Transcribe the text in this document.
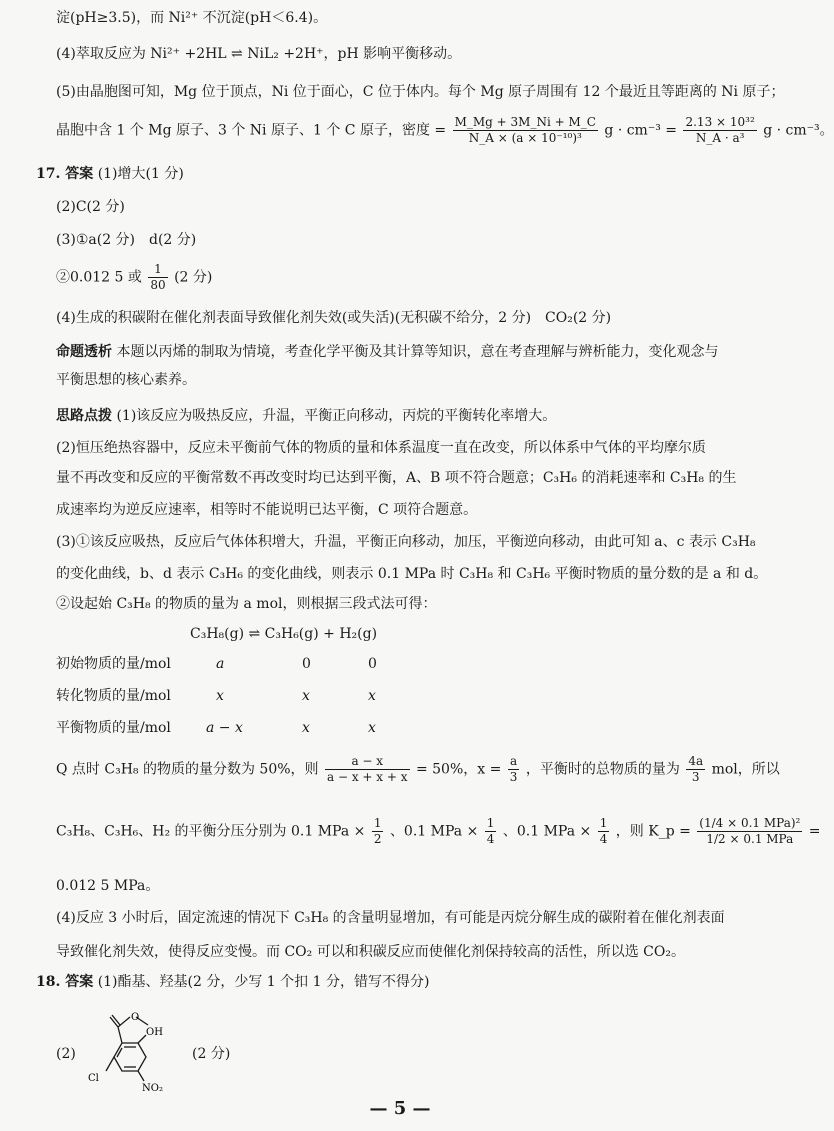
淀(pH≥3.5)，而 Ni²⁺ 不沉淀(pH＜6.4)。
(4)萃取反应为 Ni²⁺ +2HL ⇌ NiL₂ +2H⁺，pH 影响平衡移动。
(5)由晶胞图可知，Mg 位于顶点，Ni 位于面心，C 位于体内。每个 Mg 原子周围有 12 个最近且等距离的 Ni 原子；
晶胞中含 1 个 Mg 原子、3 个 Ni 原子、1 个 C 原子，密度 = $\frac{M\_Mg + 3M\_Ni + M\_C}{\text{N\_A × (a × 10⁻¹⁰)³}}$ $g \cdot cm^{-3} = \frac{\text{2.13 × 10³²}}{\text{N\_A · a³}}$ g · cm⁻³。
17. 答案 (1)增大(1 分)
(2)C(2 分)
(3)①a(2 分)　d(2 分)
②0.012 5 或 $\frac{1}{80} (2$ 分)
(4)生成的积碳附在催化剂表面导致催化剂失效(或失活)(无积碳不给分，2 分)　CO₂(2 分)
命题透析 本题以丙烯的制取为情境，考查化学平衡及其计算等知识，意在考查理解与辨析能力，变化观念与
平衡思想的核心素养。
思路点拨 (1)该反应为吸热反应，升温，平衡正向移动，丙烷的平衡转化率增大。
(2)恒压绝热容器中，反应未平衡前气体的物质的量和体系温度一直在改变，所以体系中气体的平均摩尔质
量不再改变和反应的平衡常数不再改变时均已达到平衡，A、B 项不符合题意；C₃H₆ 的消耗速率和 C₃H₈ 的生
成速率均为逆反应速率，相等时不能说明已达平衡，C 项符合题意。
(3)①该反应吸热，反应后气体体积增大，升温，平衡正向移动，加压，平衡逆向移动，由此可知 a、c 表示 C₃H₈
的变化曲线，b、d 表示 C₃H₆ 的变化曲线，则表示 0.1 MPa 时 C₃H₈ 和 C₃H₆ 平衡时物质的量分数的是 a 和 d。
②设起始 C₃H₈ 的物质的量为 a mol，则根据三段式法可得：
C₃H₈(g) ⇌ C₃H₆(g) + H₂(g)
初始物质的量/mol	a	0	0
转化物质的量/mol	x	x	x
平衡物质的量/mol	a − x	x	x
Q 点时 C₃H₈ 的物质的量分数为 50%，则 $\frac{a - x}{a - x + x + x} = 50\%$，$x = \frac{a}{3}$ ，平衡时的总物质的量为 $\frac{4a}{3}$ mol，所以
C₃H₈、C₃H₆、H₂ 的平衡分压分别为 0.1 MPa × $\frac{1}{2}$ 、0.1 MPa × $\frac{1}{4}$ 、0.1 MPa × $\frac{1}{4}$ ，则 K_p = $\frac{\text{(1/4 × 0.1 MPa)²}}{\text{1/2 × 0.1 MPa}}$ =
0.012 5 MPa。
(4)反应 3 小时后，固定流速的情况下 C₃H₈ 的含量明显增加，有可能是丙烷分解生成的碳附着在催化剂表面
导致催化剂失效，使得反应变慢。而 CO₂ 可以和积碳反应而使催化剂保持较高的活性，所以选 CO₂。
18. 答案 (1)酯基、羟基(2 分，少写 1 个扣 1 分，错写不得分)
(2)
O
OH
Cl
NO₂
(2 分)
— 5 —
